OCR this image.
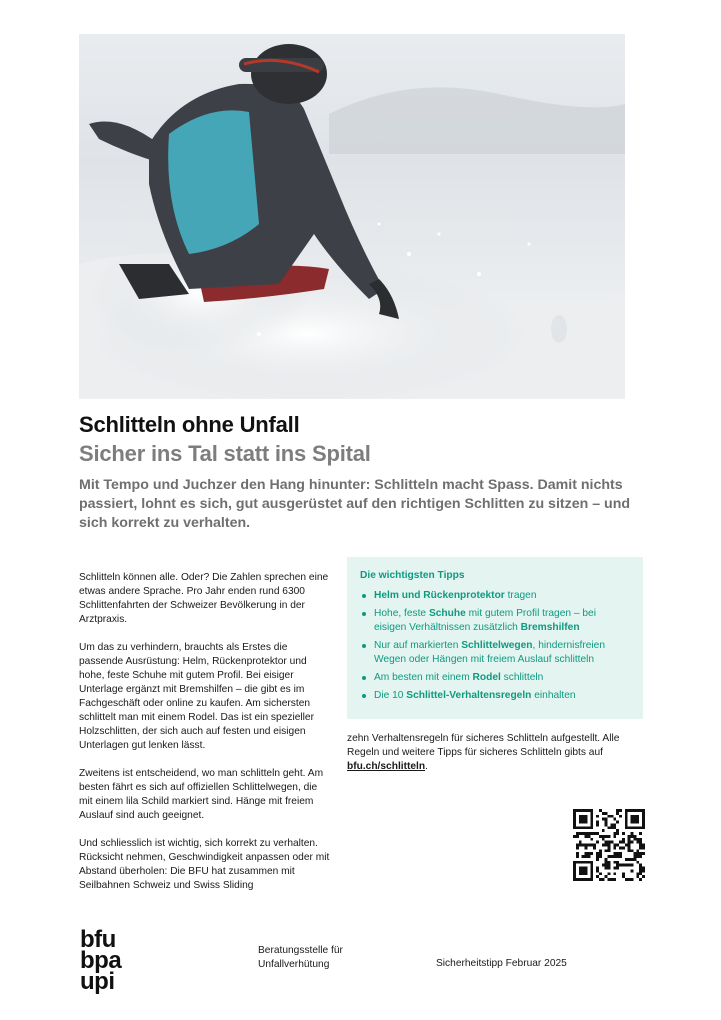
Schlitteln ohne Unfall
Sicher ins Tal statt ins Spital

Mit Tempo und Juchzer den Hang hinunter: Schlitteln macht Spass. Damit nichts passiert, lohnt es sich, gut ausgerüstet auf den richtigen Schlitten zu sitzen – und sich korrekt zu verhalten.

Schlitteln können alle. Oder? Die Zahlen sprechen eine etwas andere Sprache. Pro Jahr enden rund 6300 Schlittenfahrten der Schweizer Bevölkerung in der Arztpraxis.

Um das zu verhindern, brauchts als Erstes die passende Ausrüstung: Helm, Rückenprotektor und hohe, feste Schuhe mit gutem Profil. Bei eisiger Unterlage ergänzt mit Bremshilfen – die gibt es im Fachgeschäft oder online zu kaufen. Am sichersten schlittelt man mit einem Rodel. Das ist ein spezieller Holzschlitten, der sich auch auf festen und eisigen Unterlagen gut lenken lässt.

Zweitens ist entscheidend, wo man schlitteln geht. Am besten fährt es sich auf offiziellen Schlittelwegen, die mit einem lila Schild markiert sind. Hänge mit freiem Auslauf sind auch geeignet.

Und schliesslich ist wichtig, sich korrekt zu verhalten. Rücksicht nehmen, Geschwindigkeit anpassen oder mit Abstand überholen: Die BFU hat zusammen mit Seilbahnen Schweiz und Swiss Sliding

Die wichtigsten Tipps
Helm und Rückenprotektor tragen
Hohe, feste Schuhe mit gutem Profil tragen – bei eisigen Verhältnissen zusätzlich Bremshilfen
Nur auf markierten Schlittelwegen, hindernisfreien Wegen oder Hängen mit freiem Auslauf schlitteln
Am besten mit einem Rodel schlitteln
Die 10 Schlittel-Verhaltensregeln einhalten

zehn Verhaltensregeln für sicheres Schlitteln aufgestellt. Alle Regeln und weitere Tipps für sicheres Schlitteln gibts auf bfu.ch/schlitteln.

bfu
bpa
upi
Beratungsstelle für
Unfallverhütung	Sicherheitstipp Februar 2025
